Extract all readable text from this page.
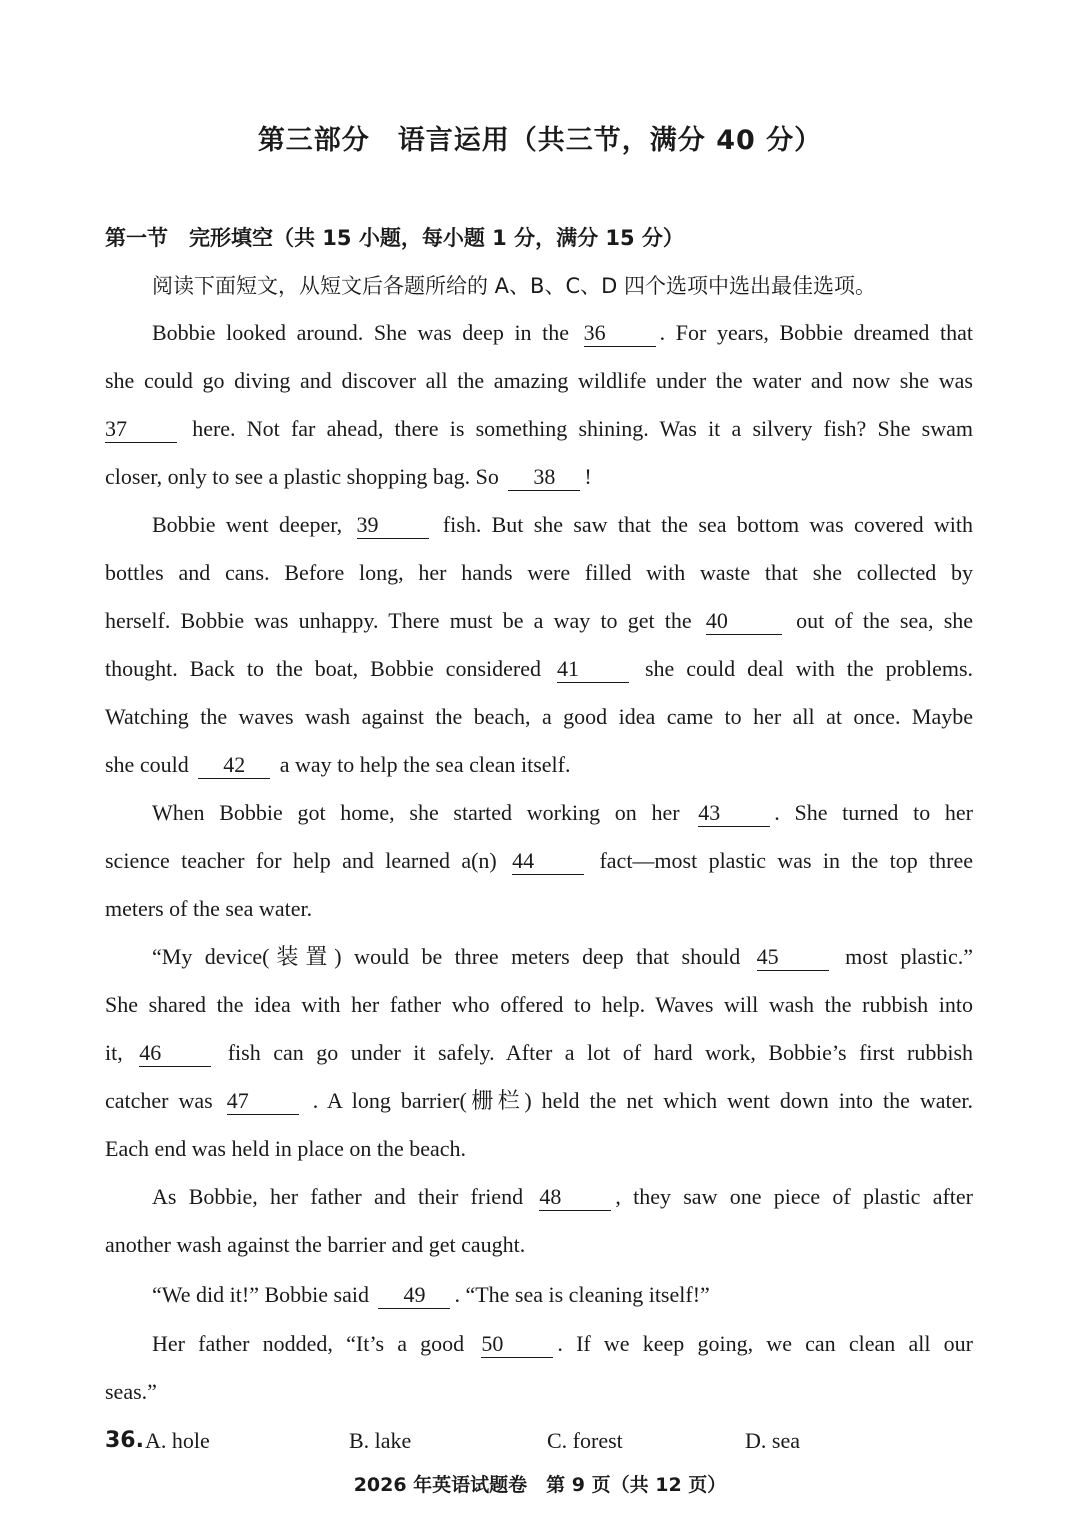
第三部分　语言运用（共三节，满分 40 分）
第一节　完形填空（共 15 小题，每小题 1 分，满分 15 分）
阅读下面短文，从短文后各题所给的 A、B、C、D 四个选项中选出最佳选项。
Bobbie looked around. She was deep in the 36 . For years, Bobbie dreamed that
she could go diving and discover all the amazing wildlife under the water and now she was
37	here. Not far ahead, there is something shining. Was it a silvery fish? She swam
closer, only to see a plastic shopping bag. So 38 !
Bobbie went deeper, 39	fish. But she saw that the sea bottom was covered with
bottles and cans. Before long, her hands were filled with waste that she collected by
herself. Bobbie was unhappy. There must be a way to get the 40	out of the sea, she
thought. Back to the boat, Bobbie considered 41	she could deal with the problems.
Watching the waves wash against the beach, a good idea came to her all at once. Maybe
she could 42 a way to help the sea clean itself.
When Bobbie got home, she started working on her 43 . She turned to her
science teacher for help and learned a(n) 44	fact—most plastic was in the top three
meters of the sea water.
“My device(装置) would be three meters deep that should 45	most plastic.”
She shared the idea with her father who offered to help. Waves will wash the rubbish into
it, 46	fish can go under it safely. After a lot of hard work, Bobbie’s first rubbish
catcher was 47	. A long barrier(栅栏) held the net which went down into the water.
Each end was held in place on the beach.
As Bobbie, her father and their friend 48 , they saw one piece of plastic after
another wash against the barrier and get caught.
“We did it!” Bobbie said 49 . “The sea is cleaning itself!”
Her father nodded, “It’s a good 50 . If we keep going, we can clean all our
seas.”
36. A. hole	B. lake	C. forest	D. sea
2026 年英语试题卷　第 9 页（共 12 页）
